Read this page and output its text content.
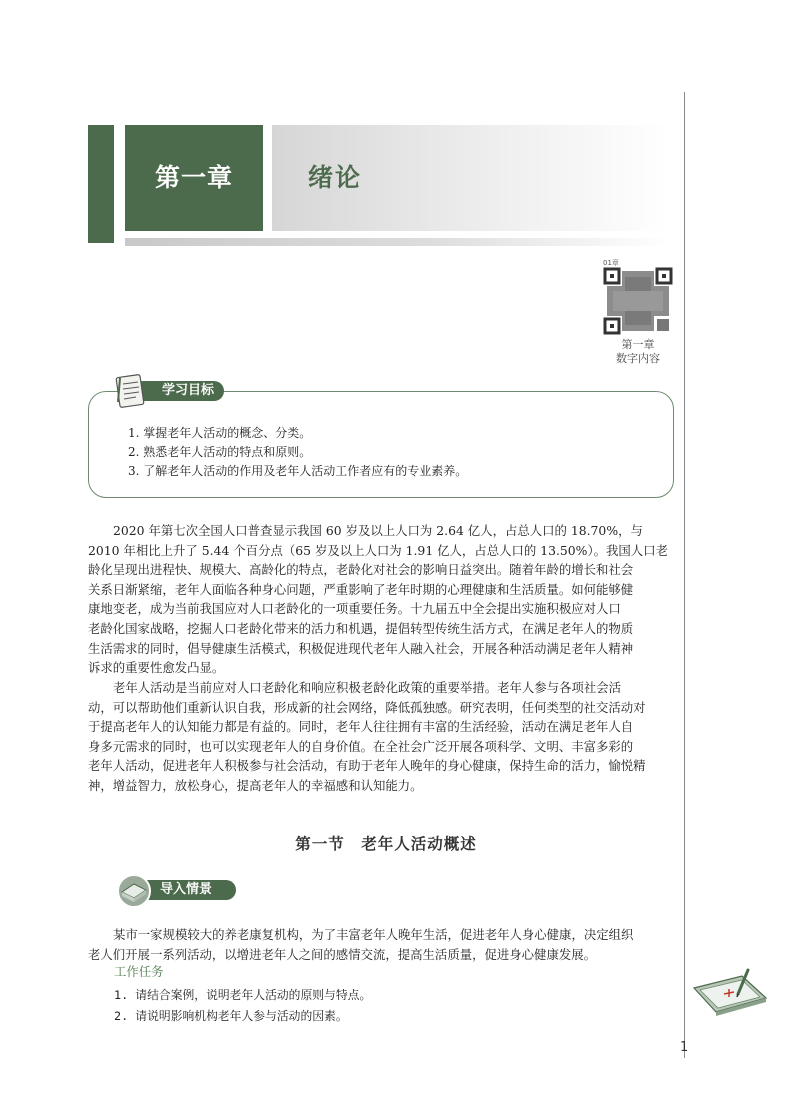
第一章	绪论
01章
第一章
数字内容
学习目标
1. 掌握老年人活动的概念、分类。
2. 熟悉老年人活动的特点和原则。
3. 了解老年人活动的作用及老年人活动工作者应有的专业素养。
2020 年第七次全国人口普查显示我国 60 岁及以上人口为 2.64 亿人，占总人口的 18.70%，与
2010 年相比上升了 5.44 个百分点（65 岁及以上人口为 1.91 亿人，占总人口的 13.50%）。我国人口老
龄化呈现出进程快、规模大、高龄化的特点，老龄化对社会的影响日益突出。随着年龄的增长和社会
关系日渐紧缩，老年人面临各种身心问题，严重影响了老年时期的心理健康和生活质量。如何能够健
康地变老，成为当前我国应对人口老龄化的一项重要任务。十九届五中全会提出实施积极应对人口
老龄化国家战略，挖掘人口老龄化带来的活力和机遇，提倡转型传统生活方式，在满足老年人的物质
生活需求的同时，倡导健康生活模式，积极促进现代老年人融入社会，开展各种活动满足老年人精神
诉求的重要性愈发凸显。
老年人活动是当前应对人口老龄化和响应积极老龄化政策的重要举措。老年人参与各项社会活
动，可以帮助他们重新认识自我，形成新的社会网络，降低孤独感。研究表明，任何类型的社交活动对
于提高老年人的认知能力都是有益的。同时，老年人往往拥有丰富的生活经验，活动在满足老年人自
身多元需求的同时，也可以实现老年人的自身价值。在全社会广泛开展各项科学、文明、丰富多彩的
老年人活动，促进老年人积极参与社会活动，有助于老年人晚年的身心健康，保持生命的活力，愉悦精
神，增益智力，放松身心，提高老年人的幸福感和认知能力。
第一节　老年人活动概述
导入情景
某市一家规模较大的养老康复机构，为了丰富老年人晚年生活，促进老年人身心健康，决定组织
老人们开展一系列活动，以增进老年人之间的感情交流，提高生活质量，促进身心健康发展。
工作任务
1. 请结合案例，说明老年人活动的原则与特点。
2. 请说明影响机构老年人参与活动的因素。
1
